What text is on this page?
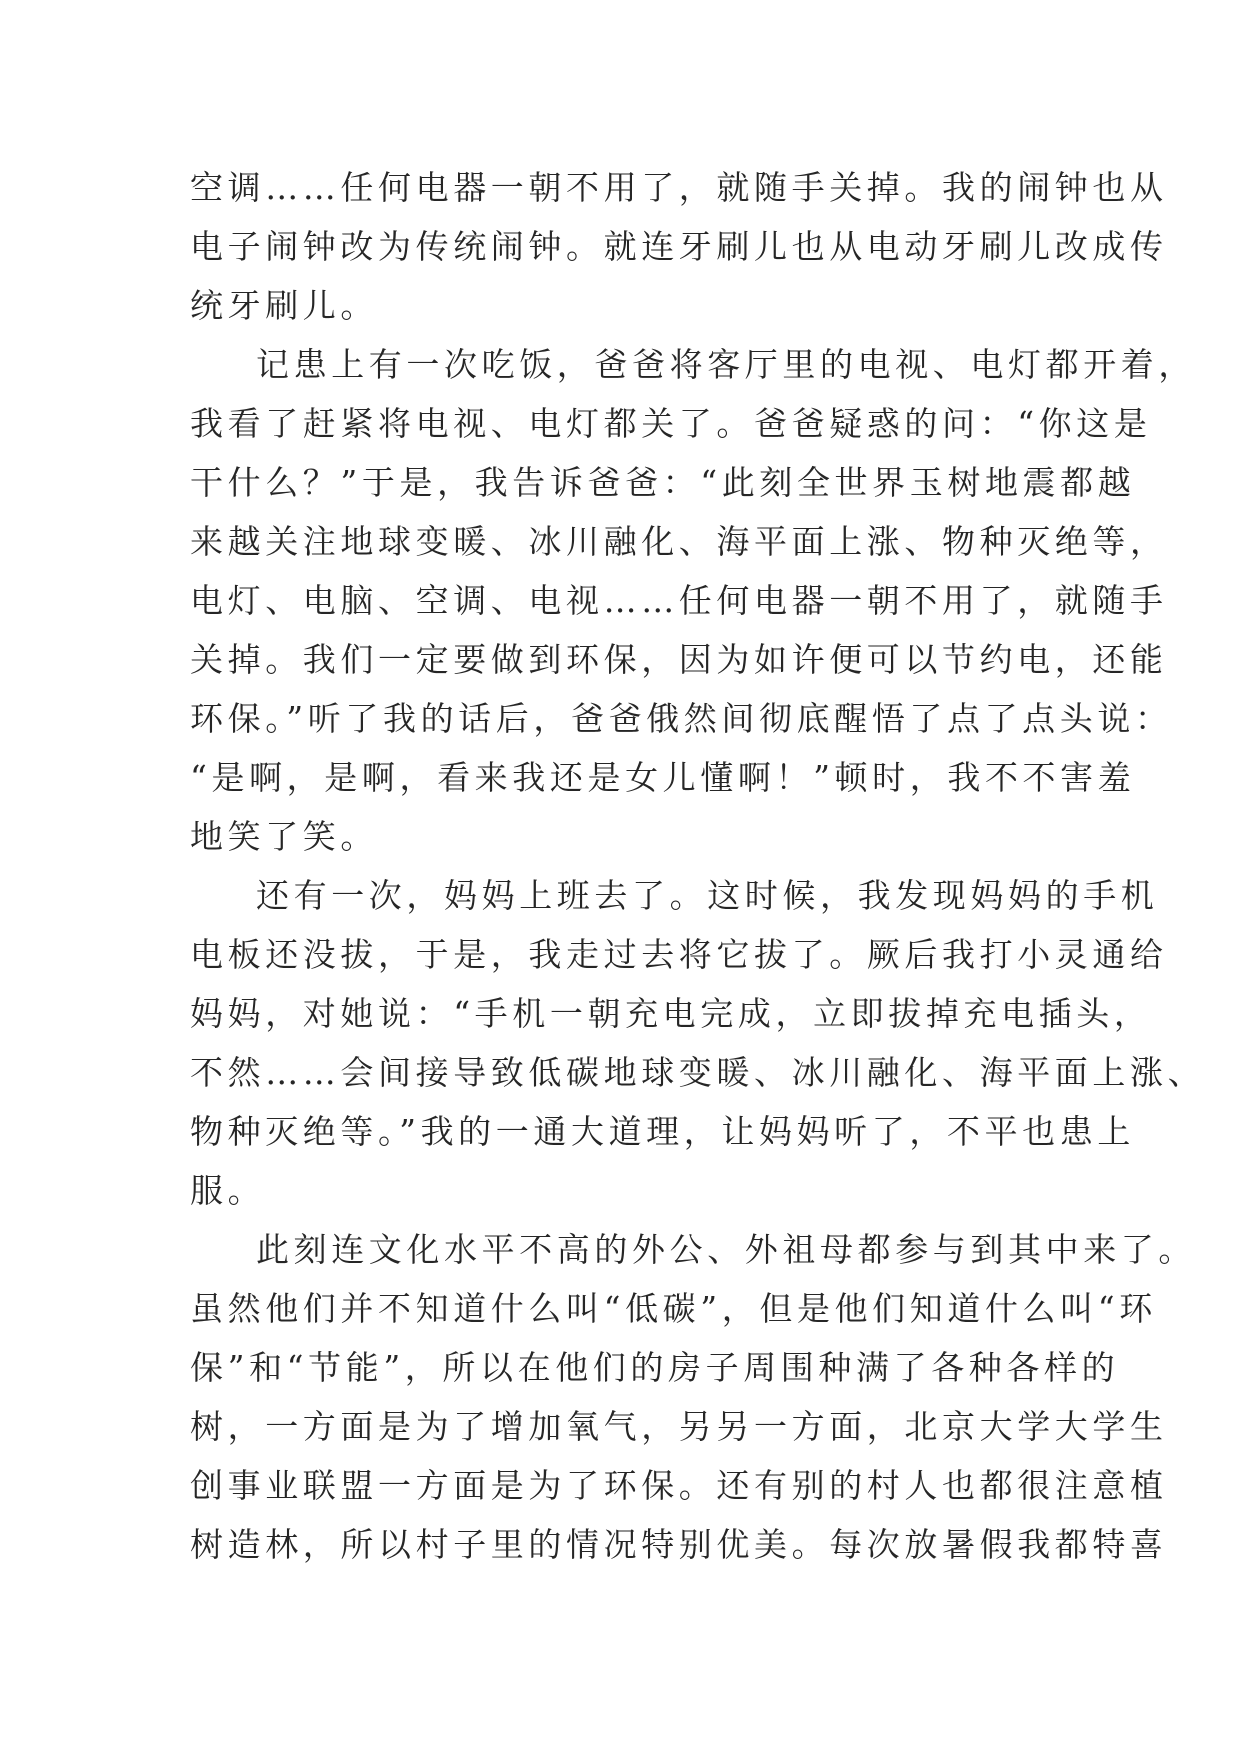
空调……任何电器一朝不用了，就随手关掉。我的闹钟也从
电子闹钟改为传统闹钟。就连牙刷儿也从电动牙刷儿改成传
统牙刷儿。
记患上有一次吃饭，爸爸将客厅里的电视、电灯都开着，
我看了赶紧将电视、电灯都关了。爸爸疑惑的问：“你这是
干什么？”于是，我告诉爸爸：“此刻全世界玉树地震都越
来越关注地球变暖、冰川融化、海平面上涨、物种灭绝等，
电灯、电脑、空调、电视……任何电器一朝不用了，就随手
关掉。我们一定要做到环保，因为如许便可以节约电，还能
环保。”听了我的话后，爸爸俄然间彻底醒悟了点了点头说：
“是啊，是啊，看来我还是女儿懂啊！”顿时，我不不害羞
地笑了笑。
还有一次，妈妈上班去了。这时候，我发现妈妈的手机
电板还没拔，于是，我走过去将它拔了。厥后我打小灵通给
妈妈，对她说：“手机一朝充电完成，立即拔掉充电插头，
不然……会间接导致低碳地球变暖、冰川融化、海平面上涨、
物种灭绝等。”我的一通大道理，让妈妈听了，不平也患上
服。
此刻连文化水平不高的外公、外祖母都参与到其中来了。
虽然他们并不知道什么叫“低碳”，但是他们知道什么叫“环
保”和“节能”，所以在他们的房子周围种满了各种各样的
树，一方面是为了增加氧气，另另一方面，北京大学大学生
创事业联盟一方面是为了环保。还有别的村人也都很注意植
树造林，所以村子里的情况特别优美。每次放暑假我都特喜
